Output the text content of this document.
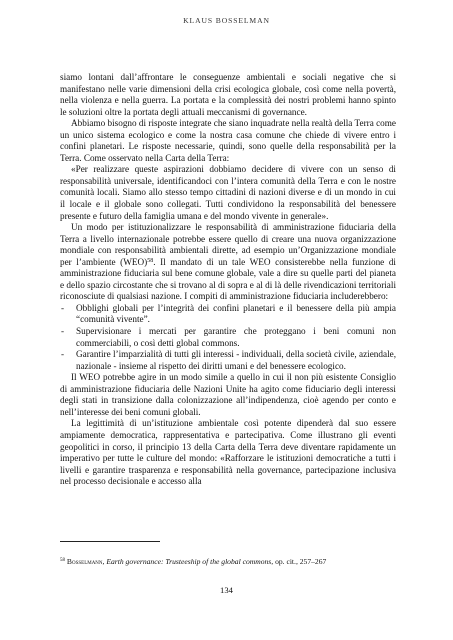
KLAUS BOSSELMAN

siamo lontani dall’affrontare le conseguenze ambientali e sociali negative che si manifestano nelle varie dimensioni della crisi ecologica globale, così come nella povertà, nella violenza e nella guerra. La portata e la complessità dei nostri problemi hanno spinto le soluzioni oltre la portata degli attuali meccanismi di governance.

Abbiamo bisogno di risposte integrate che siano inquadrate nella realtà della Terra come un unico sistema ecologico e come la nostra casa comune che chiede di vivere entro i confini planetari. Le risposte necessarie, quindi, sono quelle della responsabilità per la Terra. Come osservato nella Carta della Terra:

«Per realizzare queste aspirazioni dobbiamo decidere di vivere con un senso di responsabilità universale, identificandoci con l’intera comunità della Terra e con le nostre comunità locali. Siamo allo stesso tempo cittadini di nazioni diverse e di un mondo in cui il locale e il globale sono collegati. Tutti condividono la responsabilità del benessere presente e futuro della famiglia umana e del mondo vivente in generale».

Un modo per istituzionalizzare le responsabilità di amministrazione fiduciaria della Terra a livello internazionale potrebbe essere quello di creare una nuova organizzazione mondiale con responsabilità ambientali dirette, ad esempio un’Organizzazione mondiale per l’ambiente (WEO)$^{58}$. Il mandato di un tale WEO consisterebbe nella funzione di amministrazione fiduciaria sul bene comune globale, vale a dire su quelle parti del pianeta e dello spazio circostante che si trovano al di sopra e al di là delle rivendicazioni territoriali riconosciute di qualsiasi nazione. I compiti di amministrazione fiduciaria includerebbero:

- Obblighi globali per l’integrità dei confini planetari e il benessere della più ampia “comunità vivente”.
- Supervisionare i mercati per garantire che proteggano i beni comuni non commerciabili, o così detti global commons.
- Garantire l’imparzialità di tutti gli interessi - individuali, della società civile, aziendale, nazionale - insieme al rispetto dei diritti umani e del benessere ecologico.

Il WEO potrebbe agire in un modo simile a quello in cui il non più esistente Consiglio di amministrazione fiduciaria delle Nazioni Unite ha agito come fiduciario degli interessi degli stati in transizione dalla colonizzazione all’indipendenza, cioè agendo per conto e nell’interesse dei beni comuni globali.

La legittimità di un’istituzione ambientale così potente dipenderà dal suo essere ampiamente democratica, rappresentativa e partecipativa. Come illustrano gli eventi geopolitici in corso, il principio 13 della Carta della Terra deve diventare rapidamente un imperativo per tutte le culture del mondo: «Rafforzare le istituzioni democratiche a tutti i livelli e garantire trasparenza e responsabilità nella governance, partecipazione inclusiva nel processo decisionale e accesso alla

$^{58}$ Bosselmann, Earth governance: Trusteeship of the global commons, op. cit., 257–267
134
